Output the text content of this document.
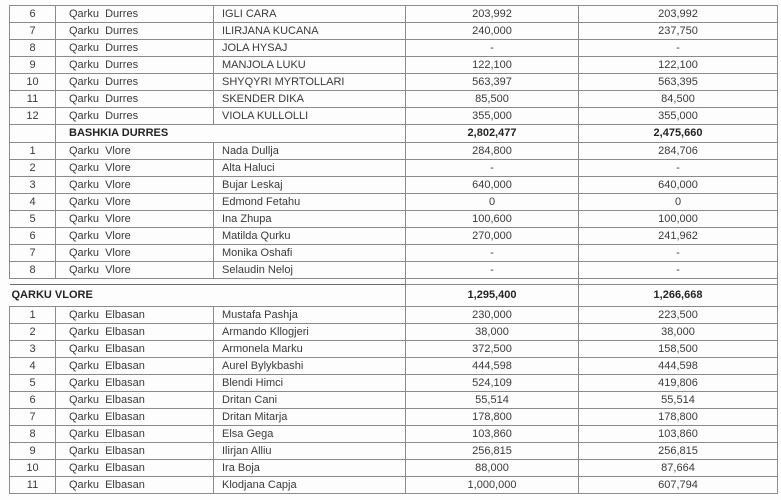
6	Qarku  Durres	IGLI CARA	203,992	203,992
7	Qarku  Durres	ILIRJANA KUCANA	240,000	237,750
8	Qarku  Durres	JOLA HYSAJ	-	-
9	Qarku  Durres	MANJOLA LUKU	122,100	122,100
10	Qarku  Durres	SHYQYRI MYRTOLLARI	563,397	563,395
11	Qarku  Durres	SKENDER DIKA	85,500	84,500
12	Qarku  Durres	VIOLA KULLOLLI	355,000	355,000
	BASHKIA DURRES		2,802,477	2,475,660
1	Qarku  Vlore	Nada Dullja	284,800	284,706
2	Qarku  Vlore	Alta Haluci	-	-
3	Qarku  Vlore	Bujar Leskaj	640,000	640,000
4	Qarku  Vlore	Edmond Fetahu	0	0
5	Qarku  Vlore	Ina Zhupa	100,600	100,000
6	Qarku  Vlore	Matilda Qurku	270,000	241,962
7	Qarku  Vlore	Monika Oshafi	-	-
8	Qarku  Vlore	Selaudin Neloj	-	-

QARKU VLORE			1,295,400	1,266,668
1	Qarku  Elbasan	Mustafa Pashja	230,000	223,500
2	Qarku  Elbasan	Armando Kllogjeri	38,000	38,000
3	Qarku  Elbasan	Armonela Marku	372,500	158,500
4	Qarku  Elbasan	Aurel Bylykbashi	444,598	444,598
5	Qarku  Elbasan	Blendi Himci	524,109	419,806
6	Qarku  Elbasan	Dritan Cani	55,514	55,514
7	Qarku  Elbasan	Dritan Mitarja	178,800	178,800
8	Qarku  Elbasan	Elsa Gega	103,860	103,860
9	Qarku  Elbasan	Ilirjan Alliu	256,815	256,815
10	Qarku  Elbasan	Ira Boja	88,000	87,664
11	Qarku  Elbasan	Klodjana Capja	1,000,000	607,794
